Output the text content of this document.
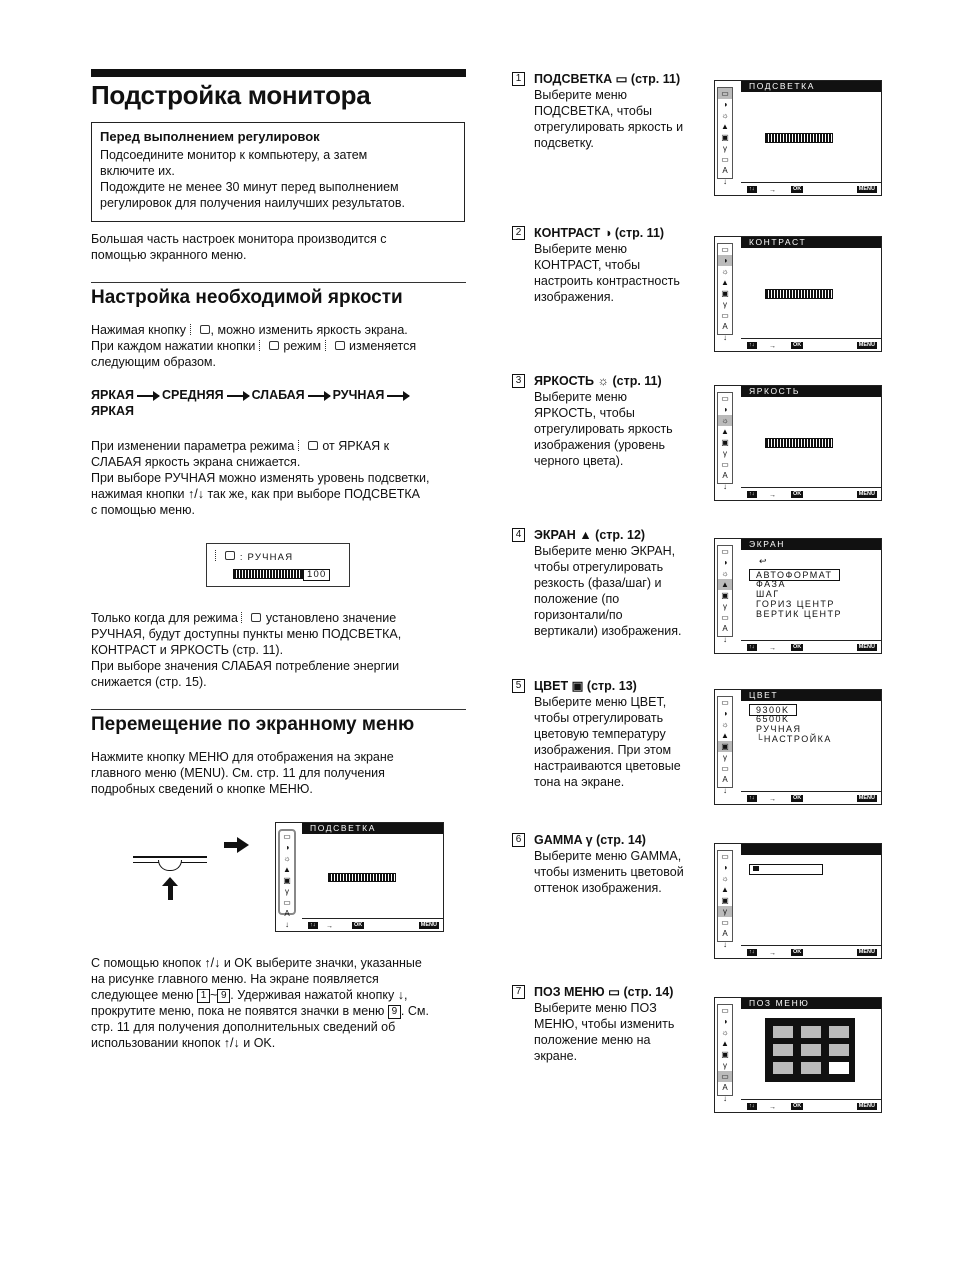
Подстройка монитора
Перед выполнением регулировок
Подсоедините монитор к компьютеру, а затем
включите их.
Подождите не менее 30 минут перед выполнением
регулировок для получения наилучших результатов.
Большая часть настроек монитора производится с
помощью экранного меню.
Настройка необходимой яркости
Нажимая кнопку , можно изменить яркость экрана.
При каждом нажатии кнопки режим изменяется
следующим образом.
ЯРКАЯ СРЕДНЯЯ СЛАБАЯ РУЧНАЯ
ЯРКАЯ
При изменении параметра режима от ЯРКАЯ к
СЛАБАЯ яркость экрана снижается.
При выборе РУЧНАЯ можно изменять уровень подсветки,
нажимая кнопки ↑/↓ так же, как при выборе ПОДСВЕТКА
с помощью меню.
: РУЧНАЯ
100
Только когда для режима установлено значение
РУЧНАЯ, будут доступны пункты меню ПОДСВЕТКА,
КОНТРАСТ и ЯРКОСТЬ (стр. 11).
При выборе значения СЛАБАЯ потребление энергии
снижается (стр. 15).
Перемещение по экранному меню
Нажмите кнопку МЕНЮ для отображения на экране
главного меню (MENU). См. стр. 11 для получения
подробных сведений о кнопке МЕНЮ.
ПОДСВЕТКА
▭
◑
☼
▲
▣
γ
▭
A
↓	↑↓ →	OK	MENU
С помощью кнопок ↑/↓ и OK выберите значки, указанные
на рисунке главного меню. На экране появляется
следующее меню 1 ~ 9 . Удерживая нажатой кнопку ↓,
прокрутите меню, пока не появятся значки в меню 9 . См.
стр. 11 для получения дополнительных сведений об
использовании кнопок ↑/↓ и OK.
1 ПОДСВЕТКА ▭ (стр. 11)
Выберите меню
ПОДСВЕТКА, чтобы
отрегулировать яркость и
подсветку.
ПОДСВЕТКА
▭
◑
☼
▲
▣
γ
▭
A
↓
↑↓ →	OK	MENU
2 КОНТРАСТ ◑ (стр. 11)
Выберите меню
КОНТРАСТ, чтобы
настроить контрастность
изображения.
КОНТРАСТ
▭
◑
☼
▲
▣
γ
▭
A
↓
↑↓ →	OK	MENU
3 ЯРКОСТЬ ☼ (стр. 11)
Выберите меню
ЯРКОСТЬ, чтобы
отрегулировать яркость
изображения (уровень
черного цвета).
ЯРКОСТЬ
▭
◑
☼
▲
▣
γ
▭
A
↓
↑↓ →	OK	MENU
4 ЭКРАН ▲ (стр. 12)
Выберите меню ЭКРАН,
чтобы отрегулировать
резкость (фаза/шаг) и
положение (по
горизонтали/по
вертикали) изображения.
ЭКРАН
▭
◑
☼
▲
▣
γ
▭
A
↓
↩
АВТОФОРМАТ
ФАЗА
ШАГ
ГОРИЗ ЦЕНТР
ВЕРТИК ЦЕНТР
↑↓ →	OK	MENU
5 ЦВЕТ ▣ (стр. 13)
Выберите меню ЦВЕТ,
чтобы отрегулировать
цветовую температуру
изображения. При этом
настраиваются цветовые
тона на экране.
ЦВЕТ
▭
◑
☼
▲
▣
γ
▭
A
↓
9300K
6500K
РУЧНАЯ
└НАСТРОЙКА
↑↓ →	OK	MENU
6 GAMMA γ (стр. 14)
Выберите меню GAMMA,
чтобы изменить цветовой
оттенок изображения.
▭
◑
☼
▲
▣
γ
▭
A
↓
↑↓ →	OK	MENU
7 ПОЗ МЕНЮ ▭ (стр. 14)
Выберите меню ПОЗ
МЕНЮ, чтобы изменить
положение меню на
экране.
ПОЗ МЕНЮ
▭
◑
☼
▲
▣
γ
▭
A
↓
↑↓ →	OK	MENU
